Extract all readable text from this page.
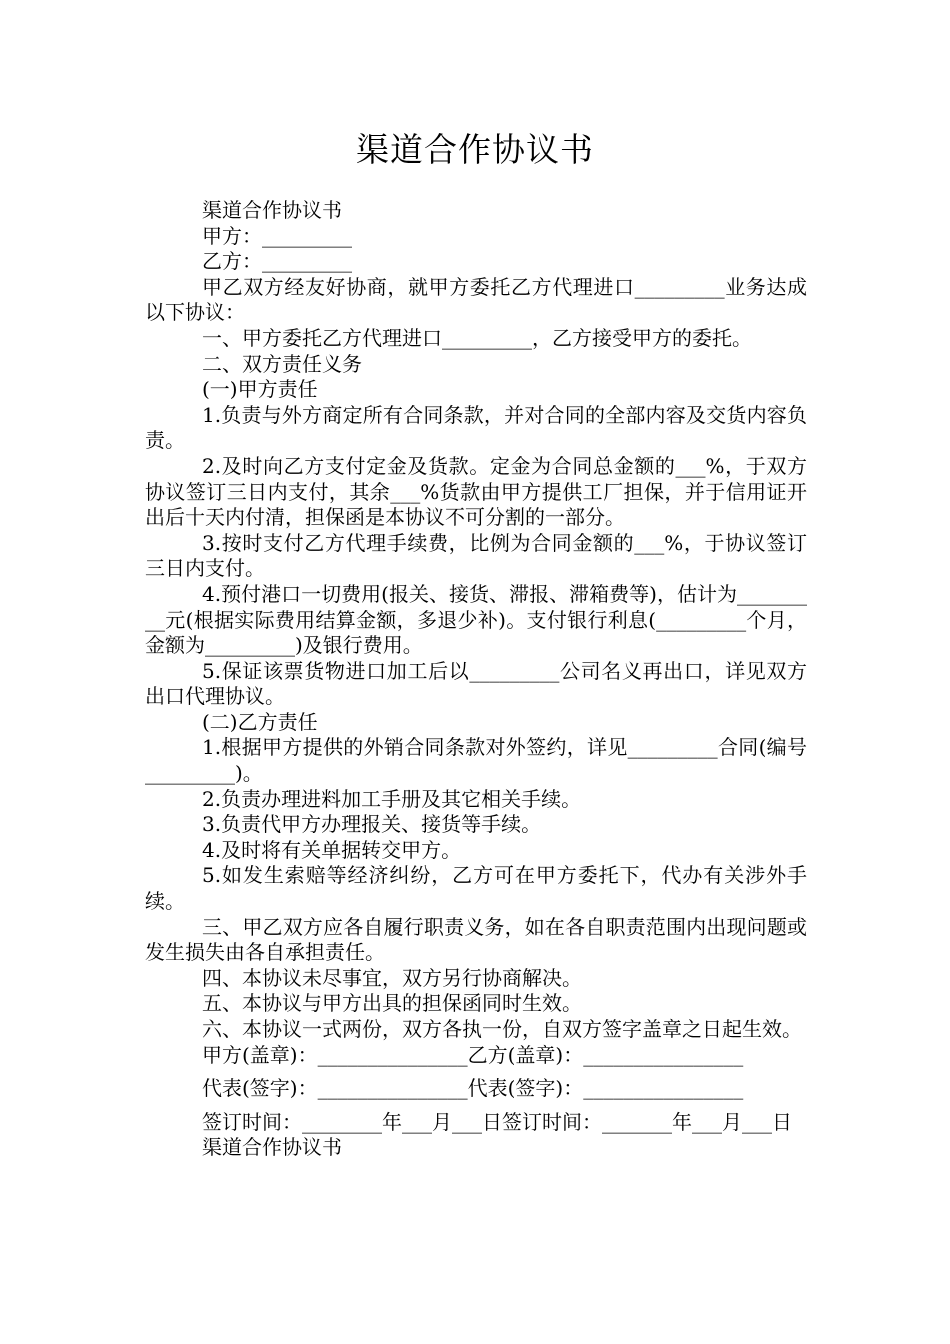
渠道合作协议书

渠道合作协议书

甲方：_________

乙方：_________

甲乙双方经友好协商，就甲方委托乙方代理进口_________业务达成以下协议：

一、甲方委托乙方代理进口_________，乙方接受甲方的委托。

二、双方责任义务

(一)甲方责任

1.负责与外方商定所有合同条款，并对合同的全部内容及交货内容负责。

2.及时向乙方支付定金及货款。定金为合同总金额的___%，于双方协议签订三日内支付，其余___%货款由甲方提供工厂担保，并于信用证开出后十天内付清，担保函是本协议不可分割的一部分。

3.按时支付乙方代理手续费，比例为合同金额的___%，于协议签订三日内支付。

4.预付港口一切费用(报关、接货、滞报、滞箱费等)，估计为_________元(根据实际费用结算金额，多退少补)。支付银行利息(_________个月，金额为_________)及银行费用。

5.保证该票货物进口加工后以_________公司名义再出口，详见双方出口代理协议。

(二)乙方责任

1.根据甲方提供的外销合同条款对外签约，详见_________合同(编号_________)。

2.负责办理进料加工手册及其它相关手续。

3.负责代甲方办理报关、接货等手续。

4.及时将有关单据转交甲方。

5.如发生索赔等经济纠纷，乙方可在甲方委托下，代办有关涉外手续。

三、甲乙双方应各自履行职责义务，如在各自职责范围内出现问题或发生损失由各自承担责任。

四、本协议未尽事宜，双方另行协商解决。

五、本协议与甲方出具的担保函同时生效。

六、本协议一式两份，双方各执一份，自双方签字盖章之日起生效。

甲方(盖章)：_______________乙方(盖章)：________________

代表(签字)：_______________代表(签字)：________________

签订时间：________年___月___日签订时间：_______年___月___日

渠道合作协议书
